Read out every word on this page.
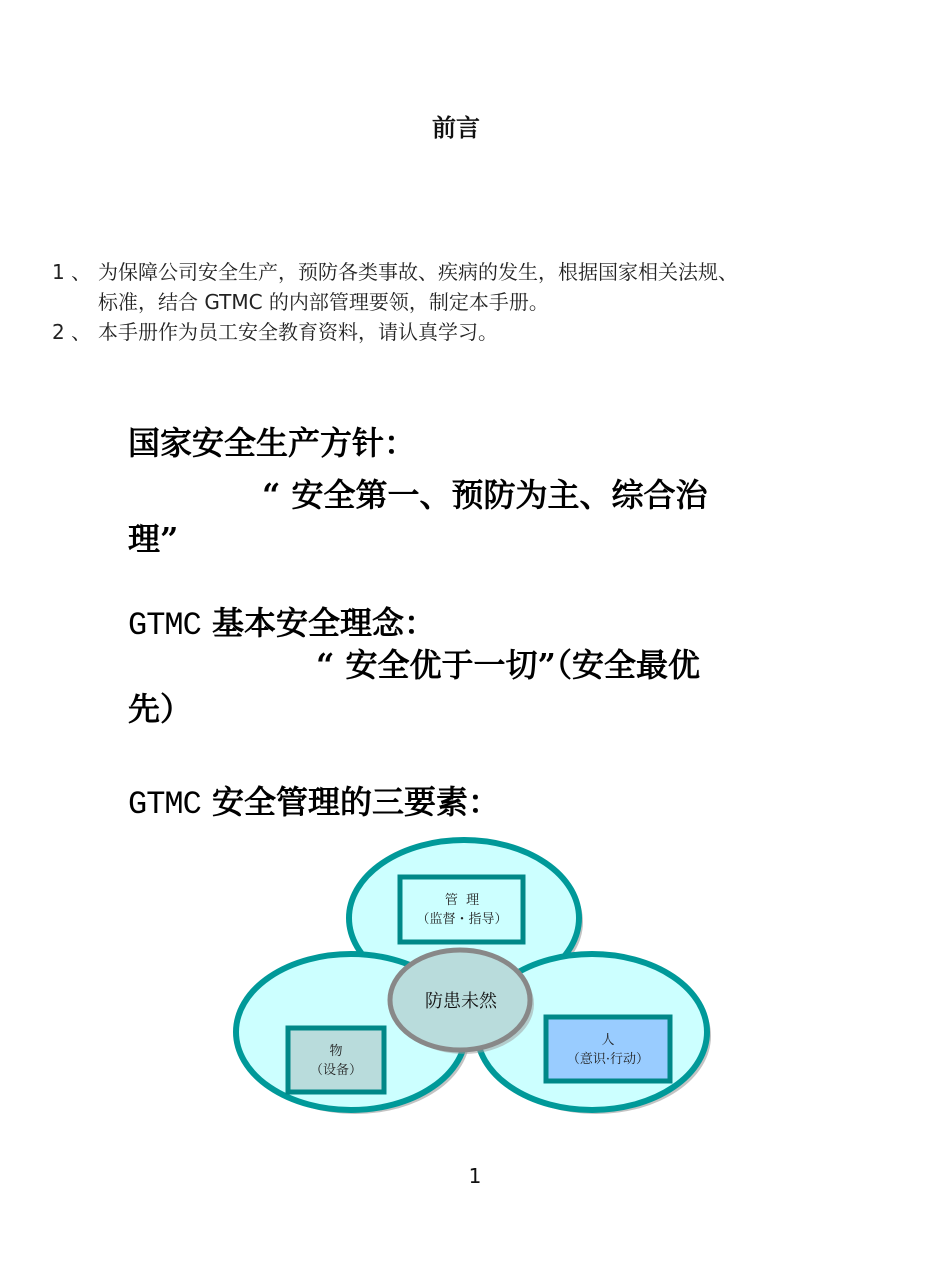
前言
1 、 为保障公司安全生产，预防各类事故、疾病的发生，根据国家相关法规、
标准，结合 GTMC 的内部管理要领，制定本手册。
2 、 本手册作为员工安全教育资料，请认真学习。
国家安全生产方针：
“ 安全第一、预防为主、综合治
理”
GTMC 基本安全理念：
“ 安全优于一切”（安全最优
先）
GTMC 安全管理的三要素：
防患未然
管  理
（监督・指导）
物
（设备）
人
（意识·行动）
1
